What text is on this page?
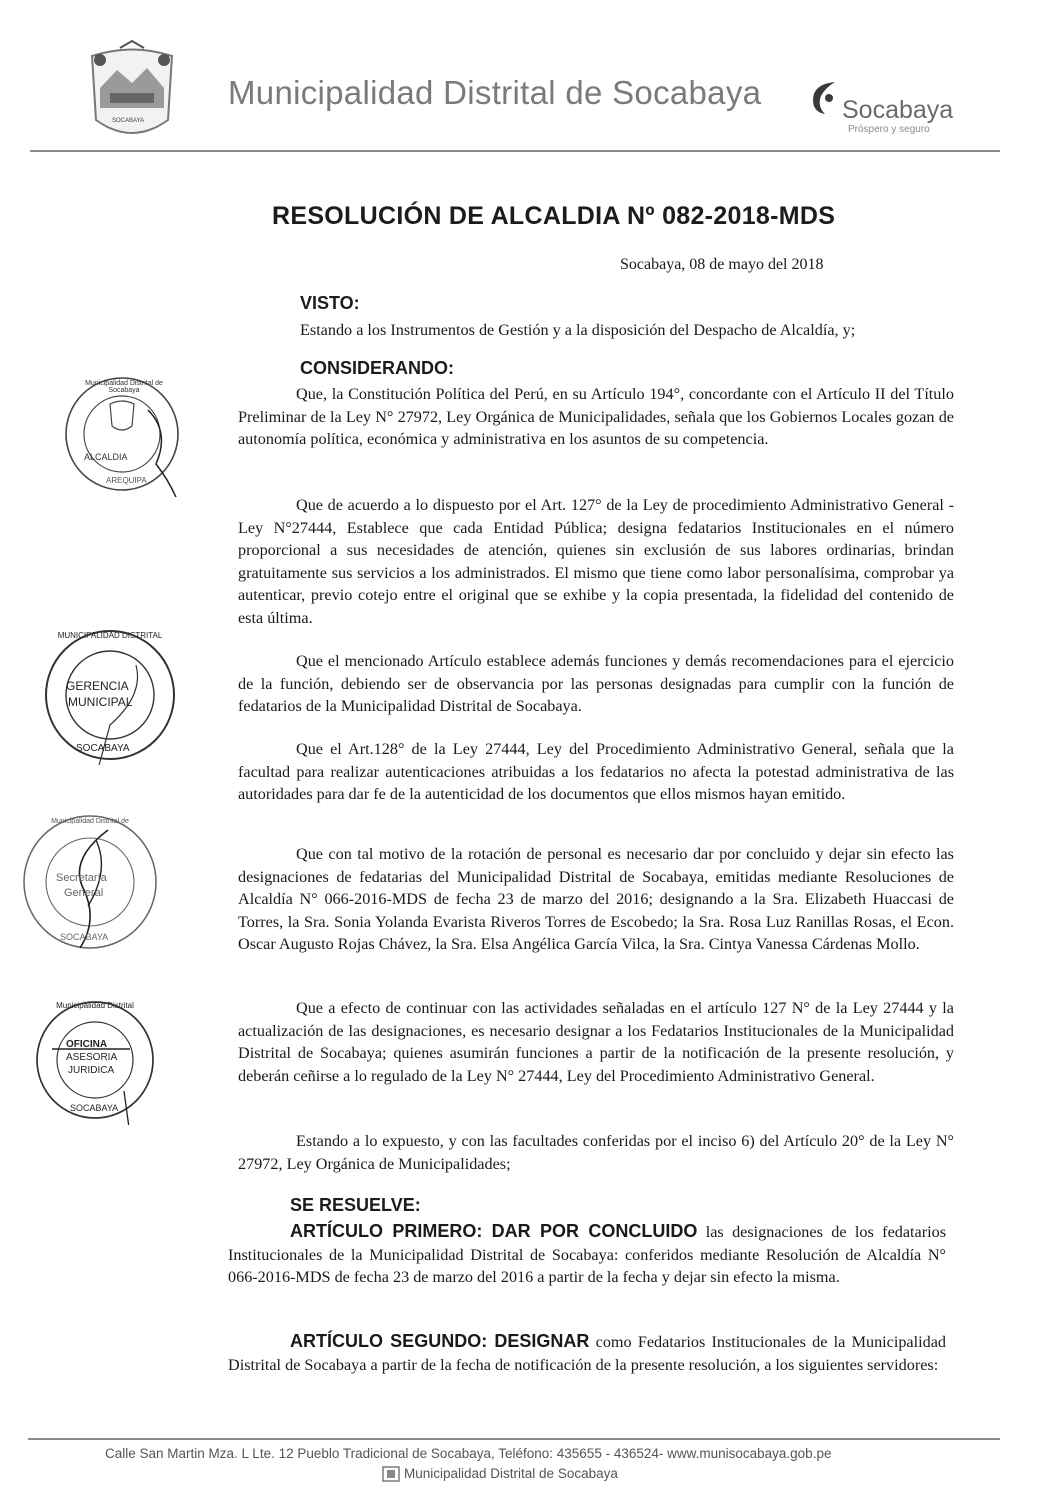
SOCABAYA
Municipalidad Distrital de Socabaya	Socabaya
Próspero y seguro
RESOLUCIÓN DE ALCALDIA Nº 082-2018-MDS
Socabaya, 08 de mayo del 2018
VISTO:
Estando a los Instrumentos de Gestión y a la disposición del Despacho de Alcaldía, y;
CONSIDERANDO:
Que, la Constitución Política del Perú, en su Artículo 194°, concordante con el Artículo II del Título Preliminar de la Ley N° 27972, Ley Orgánica de Municipalidades, señala que los Gobiernos Locales gozan de autonomía política, económica y administrativa en los asuntos de su competencia.
Que de acuerdo a lo dispuesto por el Art. 127° de la Ley de procedimiento Administrativo General -Ley N°27444, Establece que cada Entidad Pública; designa fedatarios Institucionales en el número proporcional a sus necesidades de atención, quienes sin exclusión de sus labores ordinarias, brindan gratuitamente sus servicios a los administrados. El mismo que tiene como labor personalísima, comprobar ya autenticar, previo cotejo entre el original que se exhibe y la copia presentada, la fidelidad del contenido de esta última.
Que el mencionado Artículo establece además funciones y demás recomendaciones para el ejercicio de la función, debiendo ser de observancia por las personas designadas para cumplir con la función de fedatarios de la Municipalidad Distrital de Socabaya.
Que el Art.128° de la Ley 27444, Ley del Procedimiento Administrativo General, señala que la facultad para realizar autenticaciones atribuidas a los fedatarios no afecta la potestad administrativa de las autoridades para dar fe de la autenticidad de los documentos que ellos mismos hayan emitido.
Que con tal motivo de la rotación de personal es necesario dar por concluido y dejar sin efecto las designaciones de fedatarias del Municipalidad Distrital de Socabaya, emitidas mediante Resoluciones de Alcaldía N° 066-2016-MDS de fecha 23 de marzo del 2016; designando a la Sra. Elizabeth Huaccasi de Torres, la Sra. Sonia Yolanda Evarista Riveros Torres de Escobedo; la Sra. Rosa Luz Ranillas Rosas, el Econ. Oscar Augusto Rojas Chávez, la Sra. Elsa Angélica García Vilca, la Sra. Cintya Vanessa Cárdenas Mollo.
Que a efecto de continuar con las actividades señaladas en el artículo 127 N° de la Ley 27444 y la actualización de las designaciones, es necesario designar a los Fedatarios Institucionales de la Municipalidad Distrital de Socabaya; quienes asumirán funciones a partir de la notificación de la presente resolución, y deberán ceñirse a lo regulado de la Ley N° 27444, Ley del Procedimiento Administrativo General.
Estando a lo expuesto, y con las facultades conferidas por el inciso 6) del Artículo 20° de la Ley N° 27972, Ley Orgánica de Municipalidades;
SE RESUELVE:
ARTÍCULO PRIMERO: DAR POR CONCLUIDO las designaciones de los fedatarios Institucionales de la Municipalidad Distrital de Socabaya: conferidos mediante Resolución de Alcaldía N° 066-2016-MDS de fecha 23 de marzo del 2016 a partir de la fecha y dejar sin efecto la misma.
ARTÍCULO SEGUNDO: DESIGNAR como Fedatarios Institucionales de la Municipalidad Distrital de Socabaya a partir de la fecha de notificación de la presente resolución, a los siguientes servidores:
Municipalidad Distrital de Socabaya
ALCALDIA
AREQUIPA
MUNICIPALIDAD DISTRITAL
GERENCIA
MUNICIPAL
SOCABAYA
Municipalidad Distrital de
Secretaría
General
SOCABAYA
Municipalidad Distrital
OFICINA
ASESORIA
JURIDICA
SOCABAYA
Calle San Martin Mza. L Lte. 12 Pueblo Tradicional de Socabaya, Teléfono: 435655 - 436524- www.munisocabaya.gob.pe
Municipalidad Distrital de Socabaya
